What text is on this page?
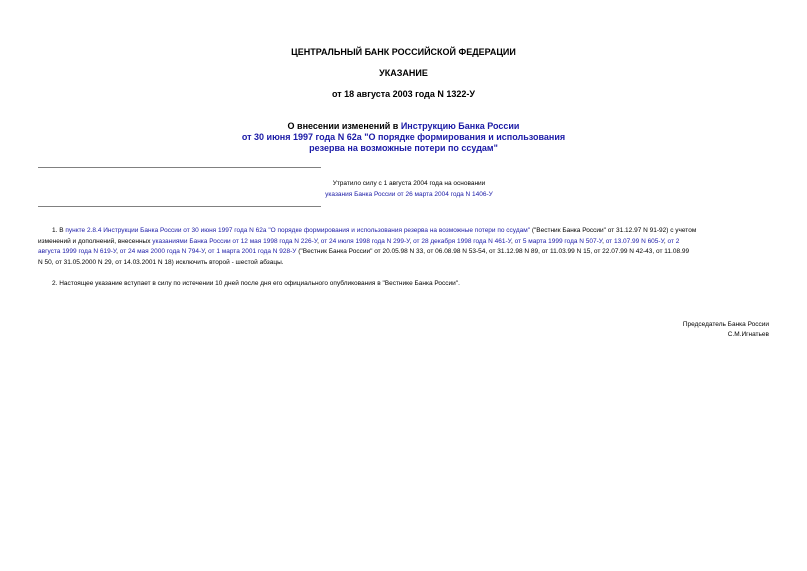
ЦЕНТРАЛЬНЫЙ БАНК РОССИЙСКОЙ ФЕДЕРАЦИИ
УКАЗАНИЕ
от 18 августа 2003 года N 1322-У
О внесении изменений в Инструкцию Банка России
от 30 июня 1997 года N 62а "О порядке формирования и использования
резерва на возможные потери по ссудам"
Утратило силу с 1 августа 2004 года на основании
указания Банка России от 26 марта 2004 года N 1406-У
1. В пункте 2.8.4 Инструкции Банка России от 30 июня 1997 года N 62а "О порядке формирования и использования резерва на возможные потери по ссудам" ("Вестник Банка России" от 31.12.97 N 91-92) с учетом
изменений и дополнений, внесенных указаниями Банка России от 12 мая 1998 года N 226-У, от 24 июля 1998 года N 299-У, от 28 декабря 1998 года N 461-У, от 5 марта 1999 года N 507-У, от 13.07.99 N 605-У, от 2
августа 1999 года N 619-У, от 24 мая 2000 года N 794-У, от 1 марта 2001 года N 928-У ("Вестник Банка России" от 20.05.98 N 33, от 06.08.98 N 53-54, от 31.12.98 N 89, от 11.03.99 N 15, от 22.07.99 N 42-43, от 11.08.99
N 50, от 31.05.2000 N 29, от 14.03.2001 N 18) исключить второй - шестой абзацы.
2. Настоящее указание вступает в силу по истечении 10 дней после дня его официального опубликования в "Вестнике Банка России".
Председатель Банка России
С.М.Игнатьев
